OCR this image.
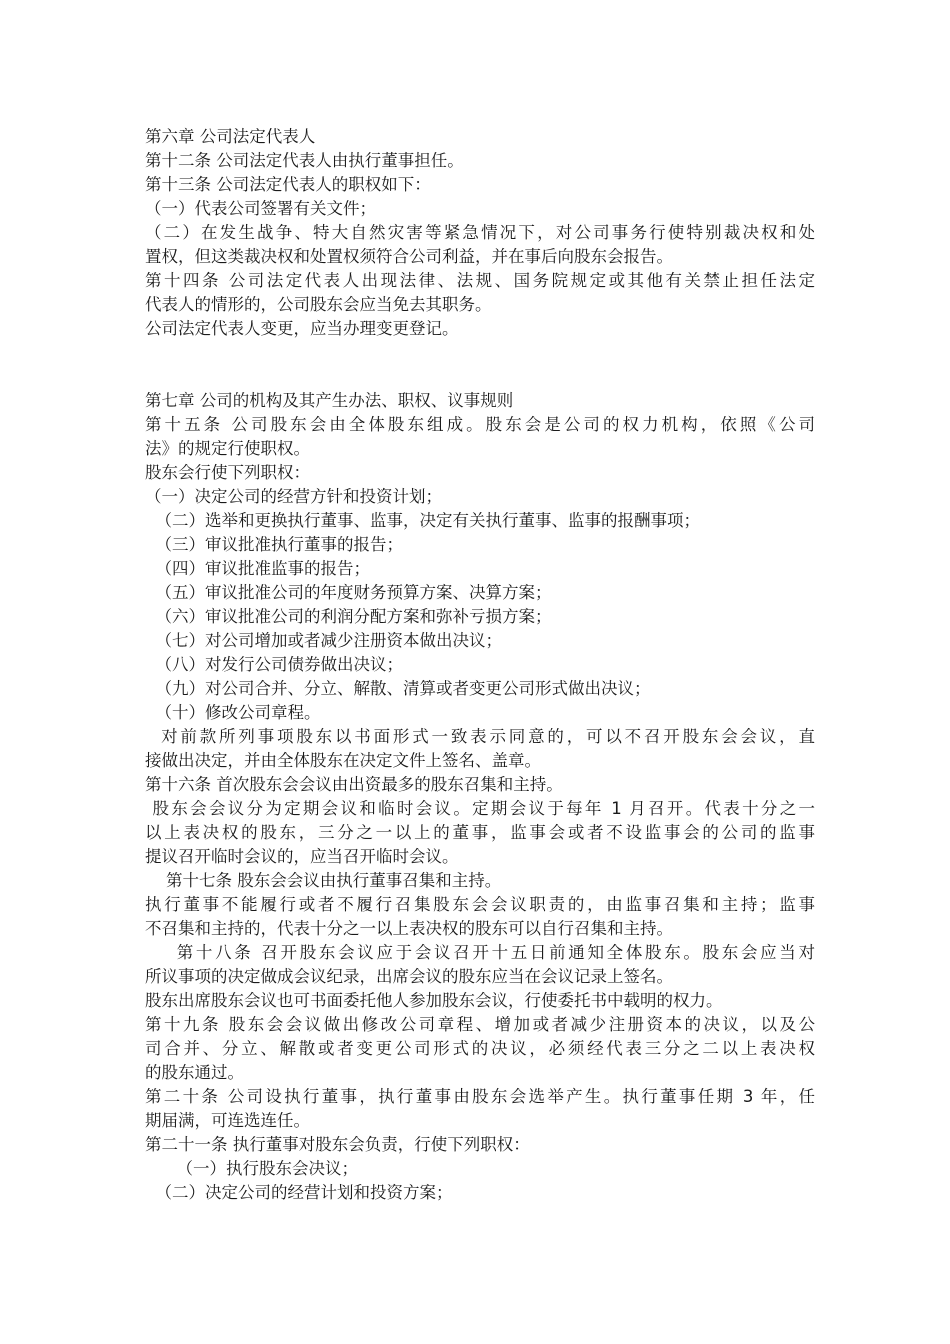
第六章 公司法定代表人
第十二条 公司法定代表人由执行董事担任。
第十三条 公司法定代表人的职权如下：
（一）代表公司签署有关文件；
（二）在发生战争、特大自然灾害等紧急情况下，对公司事务行使特别裁决权和处
置权，但这类裁决权和处置权须符合公司利益，并在事后向股东会报告。
第十四条 公司法定代表人出现法律、法规、国务院规定或其他有关禁止担任法定
代表人的情形的，公司股东会应当免去其职务。
公司法定代表人变更，应当办理变更登记。
第七章 公司的机构及其产生办法、职权、议事规则
第十五条 公司股东会由全体股东组成。股东会是公司的权力机构，依照《公司
法》的规定行使职权。
股东会行使下列职权：
（一）决定公司的经营方针和投资计划；
（二）选举和更换执行董事、监事，决定有关执行董事、监事的报酬事项；
（三）审议批准执行董事的报告；
（四）审议批准监事的报告；
（五）审议批准公司的年度财务预算方案、决算方案；
（六）审议批准公司的利润分配方案和弥补亏损方案；
（七）对公司增加或者减少注册资本做出决议；
（八）对发行公司债券做出决议；
（九）对公司合并、分立、解散、清算或者变更公司形式做出决议；
（十）修改公司章程。
对前款所列事项股东以书面形式一致表示同意的，可以不召开股东会会议，直
接做出决定，并由全体股东在决定文件上签名、盖章。
第十六条 首次股东会会议由出资最多的股东召集和主持。
股东会会议分为定期会议和临时会议。定期会议于每年 1 月召开。代表十分之一
以上表决权的股东，三分之一以上的董事，监事会或者不设监事会的公司的监事
提议召开临时会议的，应当召开临时会议。
第十七条 股东会会议由执行董事召集和主持。
执行董事不能履行或者不履行召集股东会会议职责的，由监事召集和主持；监事
不召集和主持的，代表十分之一以上表决权的股东可以自行召集和主持。
第十八条 召开股东会议应于会议召开十五日前通知全体股东。股东会应当对
所议事项的决定做成会议纪录，出席会议的股东应当在会议记录上签名。
股东出席股东会议也可书面委托他人参加股东会议，行使委托书中载明的权力。
第十九条 股东会会议做出修改公司章程、增加或者减少注册资本的决议，以及公
司合并、分立、解散或者变更公司形式的决议，必须经代表三分之二以上表决权
的股东通过。
第二十条 公司设执行董事，执行董事由股东会选举产生。执行董事任期 3 年，任
期届满，可连选连任。
第二十一条 执行董事对股东会负责，行使下列职权：
（一）执行股东会决议；
（二）决定公司的经营计划和投资方案；
